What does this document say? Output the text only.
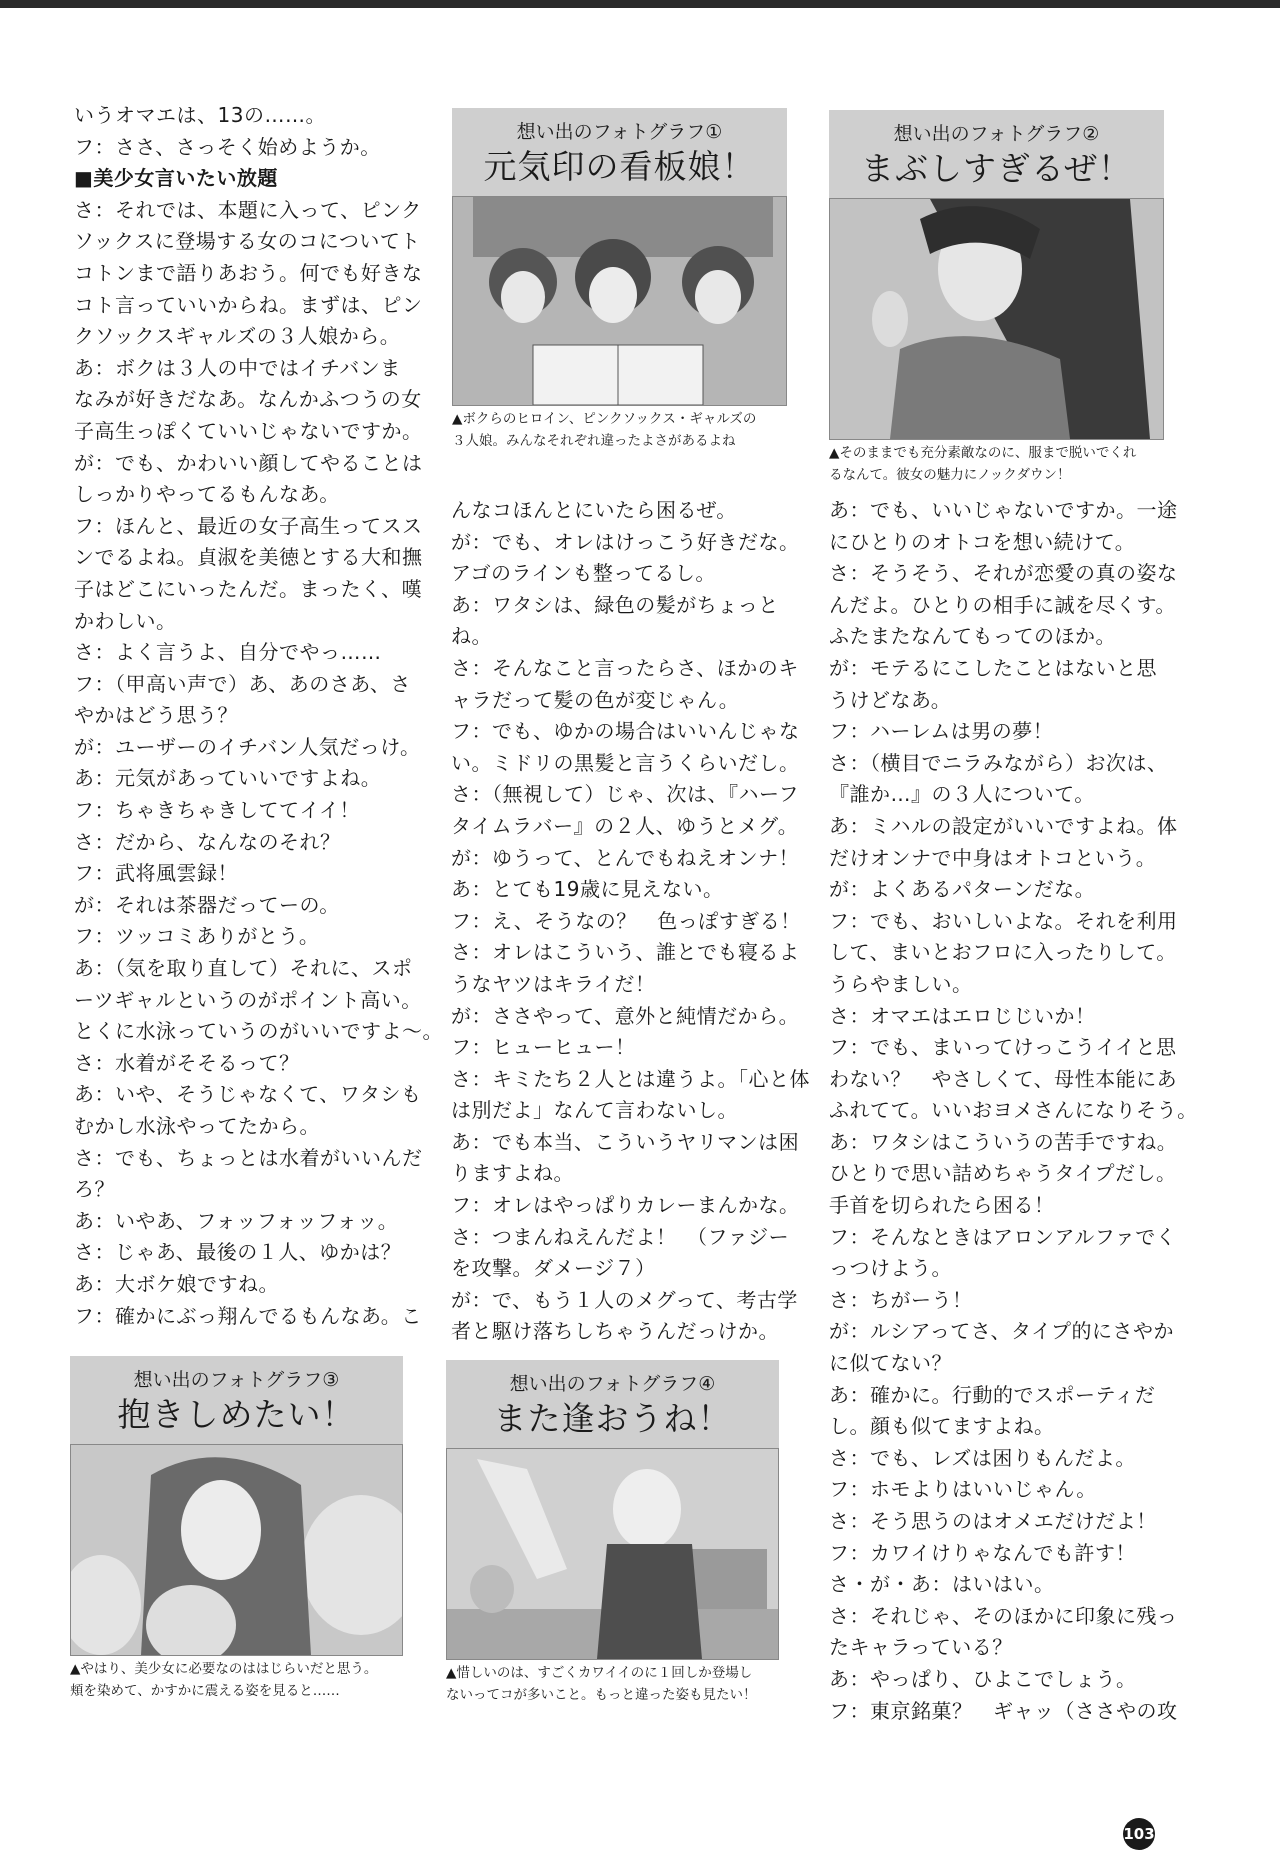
いうオマエは、13の……。
フ：ささ、さっそく始めようか。
■美少女言いたい放題
さ：それでは、本題に入って、ピンク
ソックスに登場する女のコについてト
コトンまで語りあおう。何でも好きな
コト言っていいからね。まずは、ピン
クソックスギャルズの３人娘から。
あ：ボクは３人の中ではイチバンま
なみが好きだなあ。なんかふつうの女
子高生っぽくていいじゃないですか。
が：でも、かわいい顔してやることは
しっかりやってるもんなあ。
フ：ほんと、最近の女子高生ってスス
ンでるよね。貞淑を美徳とする大和撫
子はどこにいったんだ。まったく、嘆
かわしい。
さ：よく言うよ、自分でやっ……
フ：（甲高い声で）あ、あのさあ、さ
やかはどう思う？
が：ユーザーのイチバン人気だっけ。
あ：元気があっていいですよね。
フ：ちゃきちゃきしててイイ！
さ：だから、なんなのそれ？
フ：武将風雲録！
が：それは茶器だってーの。
フ：ツッコミありがとう。
あ：（気を取り直して）それに、スポ
ーツギャルというのがポイント高い。
とくに水泳っていうのがいいですよ～。
さ：水着がそそるって？
あ：いや、そうじゃなくて、ワタシも
むかし水泳やってたから。
さ：でも、ちょっとは水着がいいんだ
ろ？
あ：いやあ、フォッフォッフォッ。
さ：じゃあ、最後の１人、ゆかは？
あ：大ボケ娘ですね。
フ：確かにぶっ翔んでるもんなあ。こ
んなコほんとにいたら困るぜ。
が：でも、オレはけっこう好きだな。
アゴのラインも整ってるし。
あ：ワタシは、緑色の髪がちょっと
ね。
さ：そんなこと言ったらさ、ほかのキ
ャラだって髪の色が変じゃん。
フ：でも、ゆかの場合はいいんじゃな
い。ミドリの黒髪と言うくらいだし。
さ：（無視して）じゃ、次は、『ハーフ
タイムラバー』の２人、ゆうとメグ。
が：ゆうって、とんでもねえオンナ！
あ：とても19歳に見えない。
フ：え、そうなの？　色っぽすぎる！
さ：オレはこういう、誰とでも寝るよ
うなヤツはキライだ！
が：ささやって、意外と純情だから。
フ：ヒューヒュー！
さ：キミたち２人とは違うよ。「心と体
は別だよ」なんて言わないし。
あ：でも本当、こういうヤリマンは困
りますよね。
フ：オレはやっぱりカレーまんかな。
さ：つまんねえんだよ！　（ファジー
を攻撃。ダメージ７）
が：で、もう１人のメグって、考古学
者と駆け落ちしちゃうんだっけか。
あ：でも、いいじゃないですか。一途
にひとりのオトコを想い続けて。
さ：そうそう、それが恋愛の真の姿な
んだよ。ひとりの相手に誠を尽くす。
ふたまたなんてもってのほか。
が：モテるにこしたことはないと思
うけどなあ。
フ：ハーレムは男の夢！
さ：（横目でニラみながら）お次は、
『誰か…』の３人について。
あ：ミハルの設定がいいですよね。体
だけオンナで中身はオトコという。
が：よくあるパターンだな。
フ：でも、おいしいよな。それを利用
して、まいとおフロに入ったりして。
うらやましい。
さ：オマエはエロじじいか！
フ：でも、まいってけっこうイイと思
わない？　やさしくて、母性本能にあ
ふれてて。いいおヨメさんになりそう。
あ：ワタシはこういうの苦手ですね。
ひとりで思い詰めちゃうタイプだし。
手首を切られたら困る！
フ：そんなときはアロンアルファでく
っつけよう。
さ：ちがーう！
が：ルシアってさ、タイプ的にさやか
に似てない？
あ：確かに。行動的でスポーティだ
し。顔も似てますよね。
さ：でも、レズは困りもんだよ。
フ：ホモよりはいいじゃん。
さ：そう思うのはオメエだけだよ！
フ：カワイけりゃなんでも許す！
さ・が・あ：はいはい。
さ：それじゃ、そのほかに印象に残っ
たキャラっている？
あ：やっぱり、ひよこでしょう。
フ：東京銘菓？　ギャッ（ささやの攻
想い出のフォトグラフ①
元気印の看板娘！
▲ボクらのヒロイン、ピンクソックス・ギャルズの
３人娘。みんなそれぞれ違ったよさがあるよね
想い出のフォトグラフ②
まぶしすぎるぜ！
▲そのままでも充分素敵なのに、服まで脱いでくれ
るなんて。彼女の魅力にノックダウン！
想い出のフォトグラフ③
抱きしめたい！
▲やはり、美少女に必要なのははじらいだと思う。
頬を染めて、かすかに震える姿を見ると……
想い出のフォトグラフ④
また逢おうね！
▲惜しいのは、すごくカワイイのに１回しか登場し
ないってコが多いこと。もっと違った姿も見たい！
103
